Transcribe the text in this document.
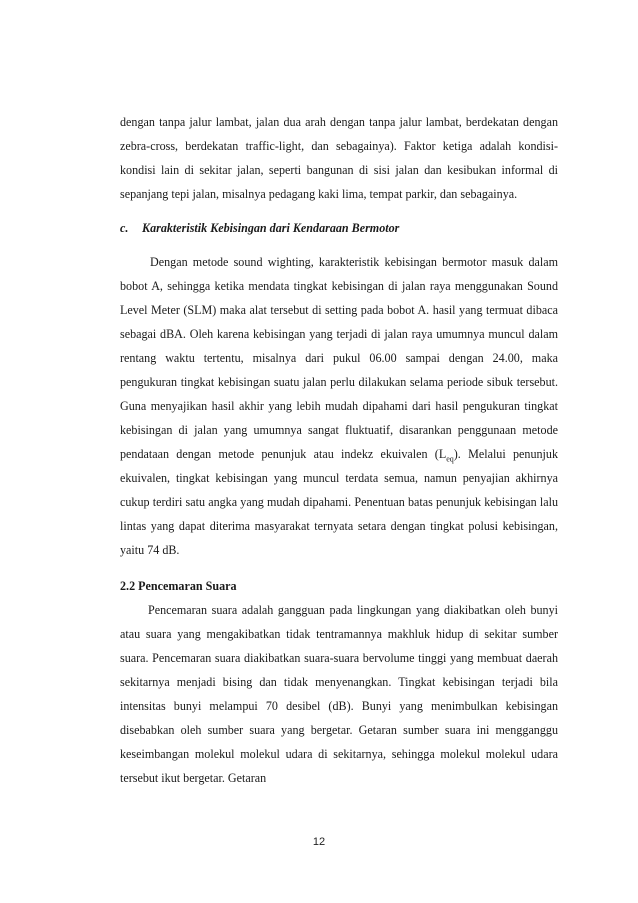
dengan tanpa jalur lambat, jalan dua arah dengan tanpa jalur lambat, berdekatan dengan zebra-cross, berdekatan traffic-light, dan sebagainya). Faktor ketiga adalah kondisi-kondisi lain di sekitar jalan, seperti bangunan di sisi jalan dan kesibukan informal di sepanjang tepi jalan, misalnya pedagang kaki lima, tempat parkir, dan sebagainya.

c. Karakteristik Kebisingan dari Kendaraan Bermotor

Dengan metode sound wighting, karakteristik kebisingan bermotor masuk dalam bobot A, sehingga ketika mendata tingkat kebisingan di jalan raya menggunakan Sound Level Meter (SLM) maka alat tersebut di setting pada bobot A. hasil yang termuat dibaca sebagai dBA. Oleh karena kebisingan yang terjadi di jalan raya umumnya muncul dalam rentang waktu tertentu, misalnya dari pukul 06.00 sampai dengan 24.00, maka pengukuran tingkat kebisingan suatu jalan perlu dilakukan selama periode sibuk tersebut. Guna menyajikan hasil akhir yang lebih mudah dipahami dari hasil pengukuran tingkat kebisingan di jalan yang umumnya sangat fluktuatif, disarankan penggunaan metode pendataan dengan metode penunjuk atau indekz ekuivalen $(L_{eq})$. Melalui penunjuk ekuivalen, tingkat kebisingan yang muncul terdata semua, namun penyajian akhirnya cukup terdiri satu angka yang mudah dipahami. Penentuan batas penunjuk kebisingan lalu lintas yang dapat diterima masyarakat ternyata setara dengan tingkat polusi kebisingan, yaitu 74 dB.

2.2 Pencemaran Suara

Pencemaran suara adalah gangguan pada lingkungan yang diakibatkan oleh bunyi atau suara yang mengakibatkan tidak tentramannya makhluk hidup di sekitar sumber suara. Pencemaran suara diakibatkan suara-suara bervolume tinggi yang membuat daerah sekitarnya menjadi bising dan tidak menyenangkan. Tingkat kebisingan terjadi bila intensitas bunyi melampui 70 desibel (dB). Bunyi yang menimbulkan kebisingan disebabkan oleh sumber suara yang bergetar. Getaran sumber suara ini mengganggu keseimbangan molekul molekul udara di sekitarnya, sehingga molekul molekul udara tersebut ikut bergetar. Getaran

12
